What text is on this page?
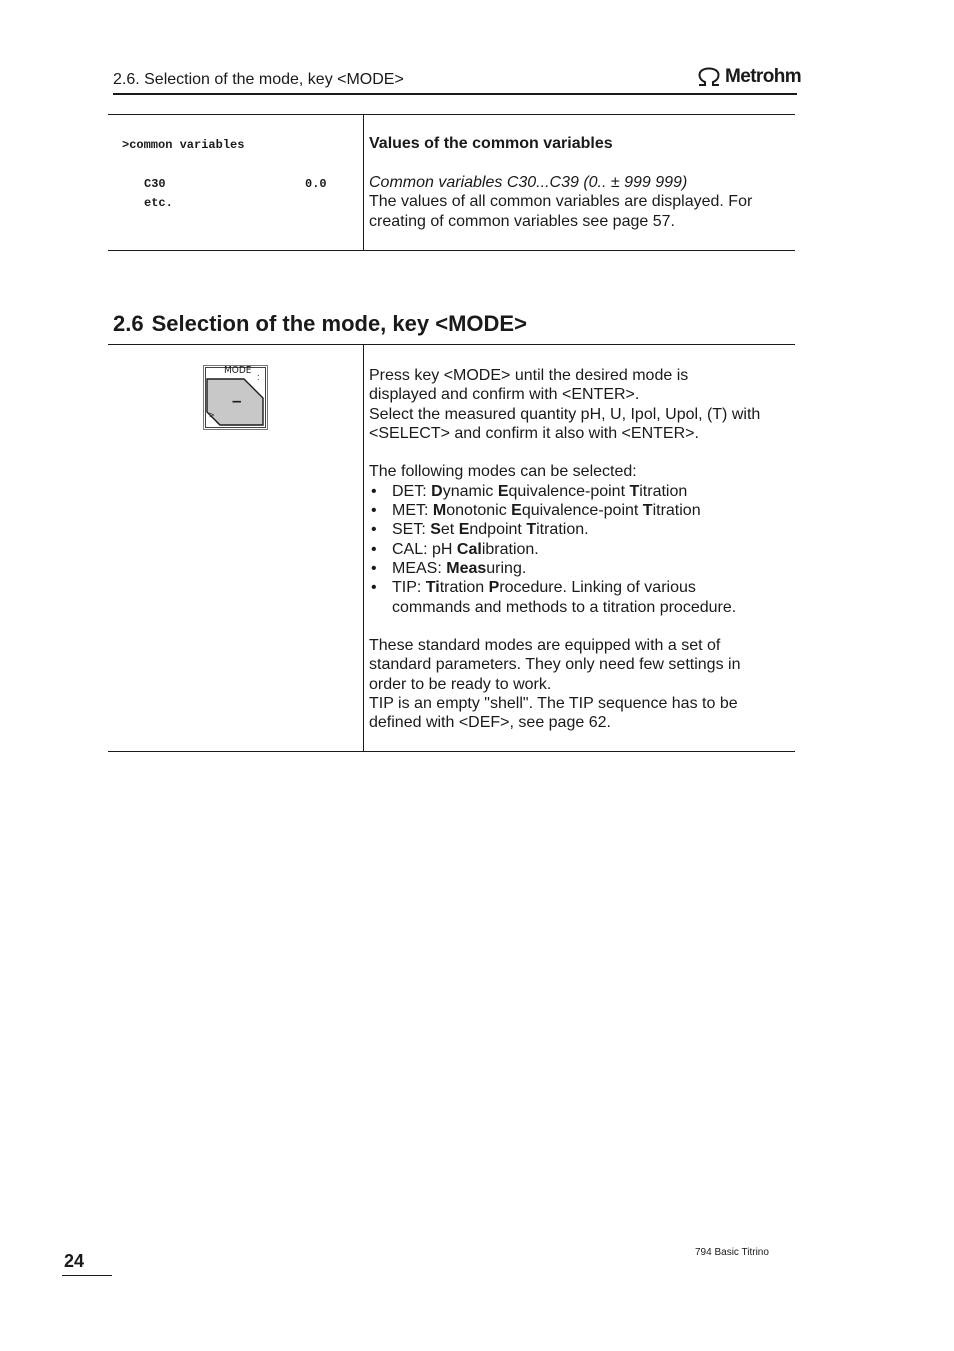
2.6. Selection of the mode, key <MODE>	Metrohm
>common variables
C30	0.0
etc.
Values of the common variables
Common variables C30...C39 (0.. ± 999 999)
The values of all common variables are displayed. For
creating of common variables see page 57.
2.6 Selection of the mode, key <MODE>
MODE
:
>
–
Press key <MODE> until the desired mode is
displayed and confirm with <ENTER>.
Select the measured quantity pH, U, Ipol, Upol, (T) with
<SELECT> and confirm it also with <ENTER>.
The following modes can be selected:
• DET: Dynamic Equivalence-point Titration
• MET: Monotonic Equivalence-point Titration
• SET: Set Endpoint Titration.
• CAL: pH Calibration.
• MEAS: Measuring.
• TIP: Titration Procedure. Linking of various
commands and methods to a titration procedure.
These standard modes are equipped with a set of
standard parameters. They only need few settings in
order to be ready to work.
TIP is an empty "shell". The TIP sequence has to be
defined with <DEF>, see page 62.
24	794 Basic Titrino
